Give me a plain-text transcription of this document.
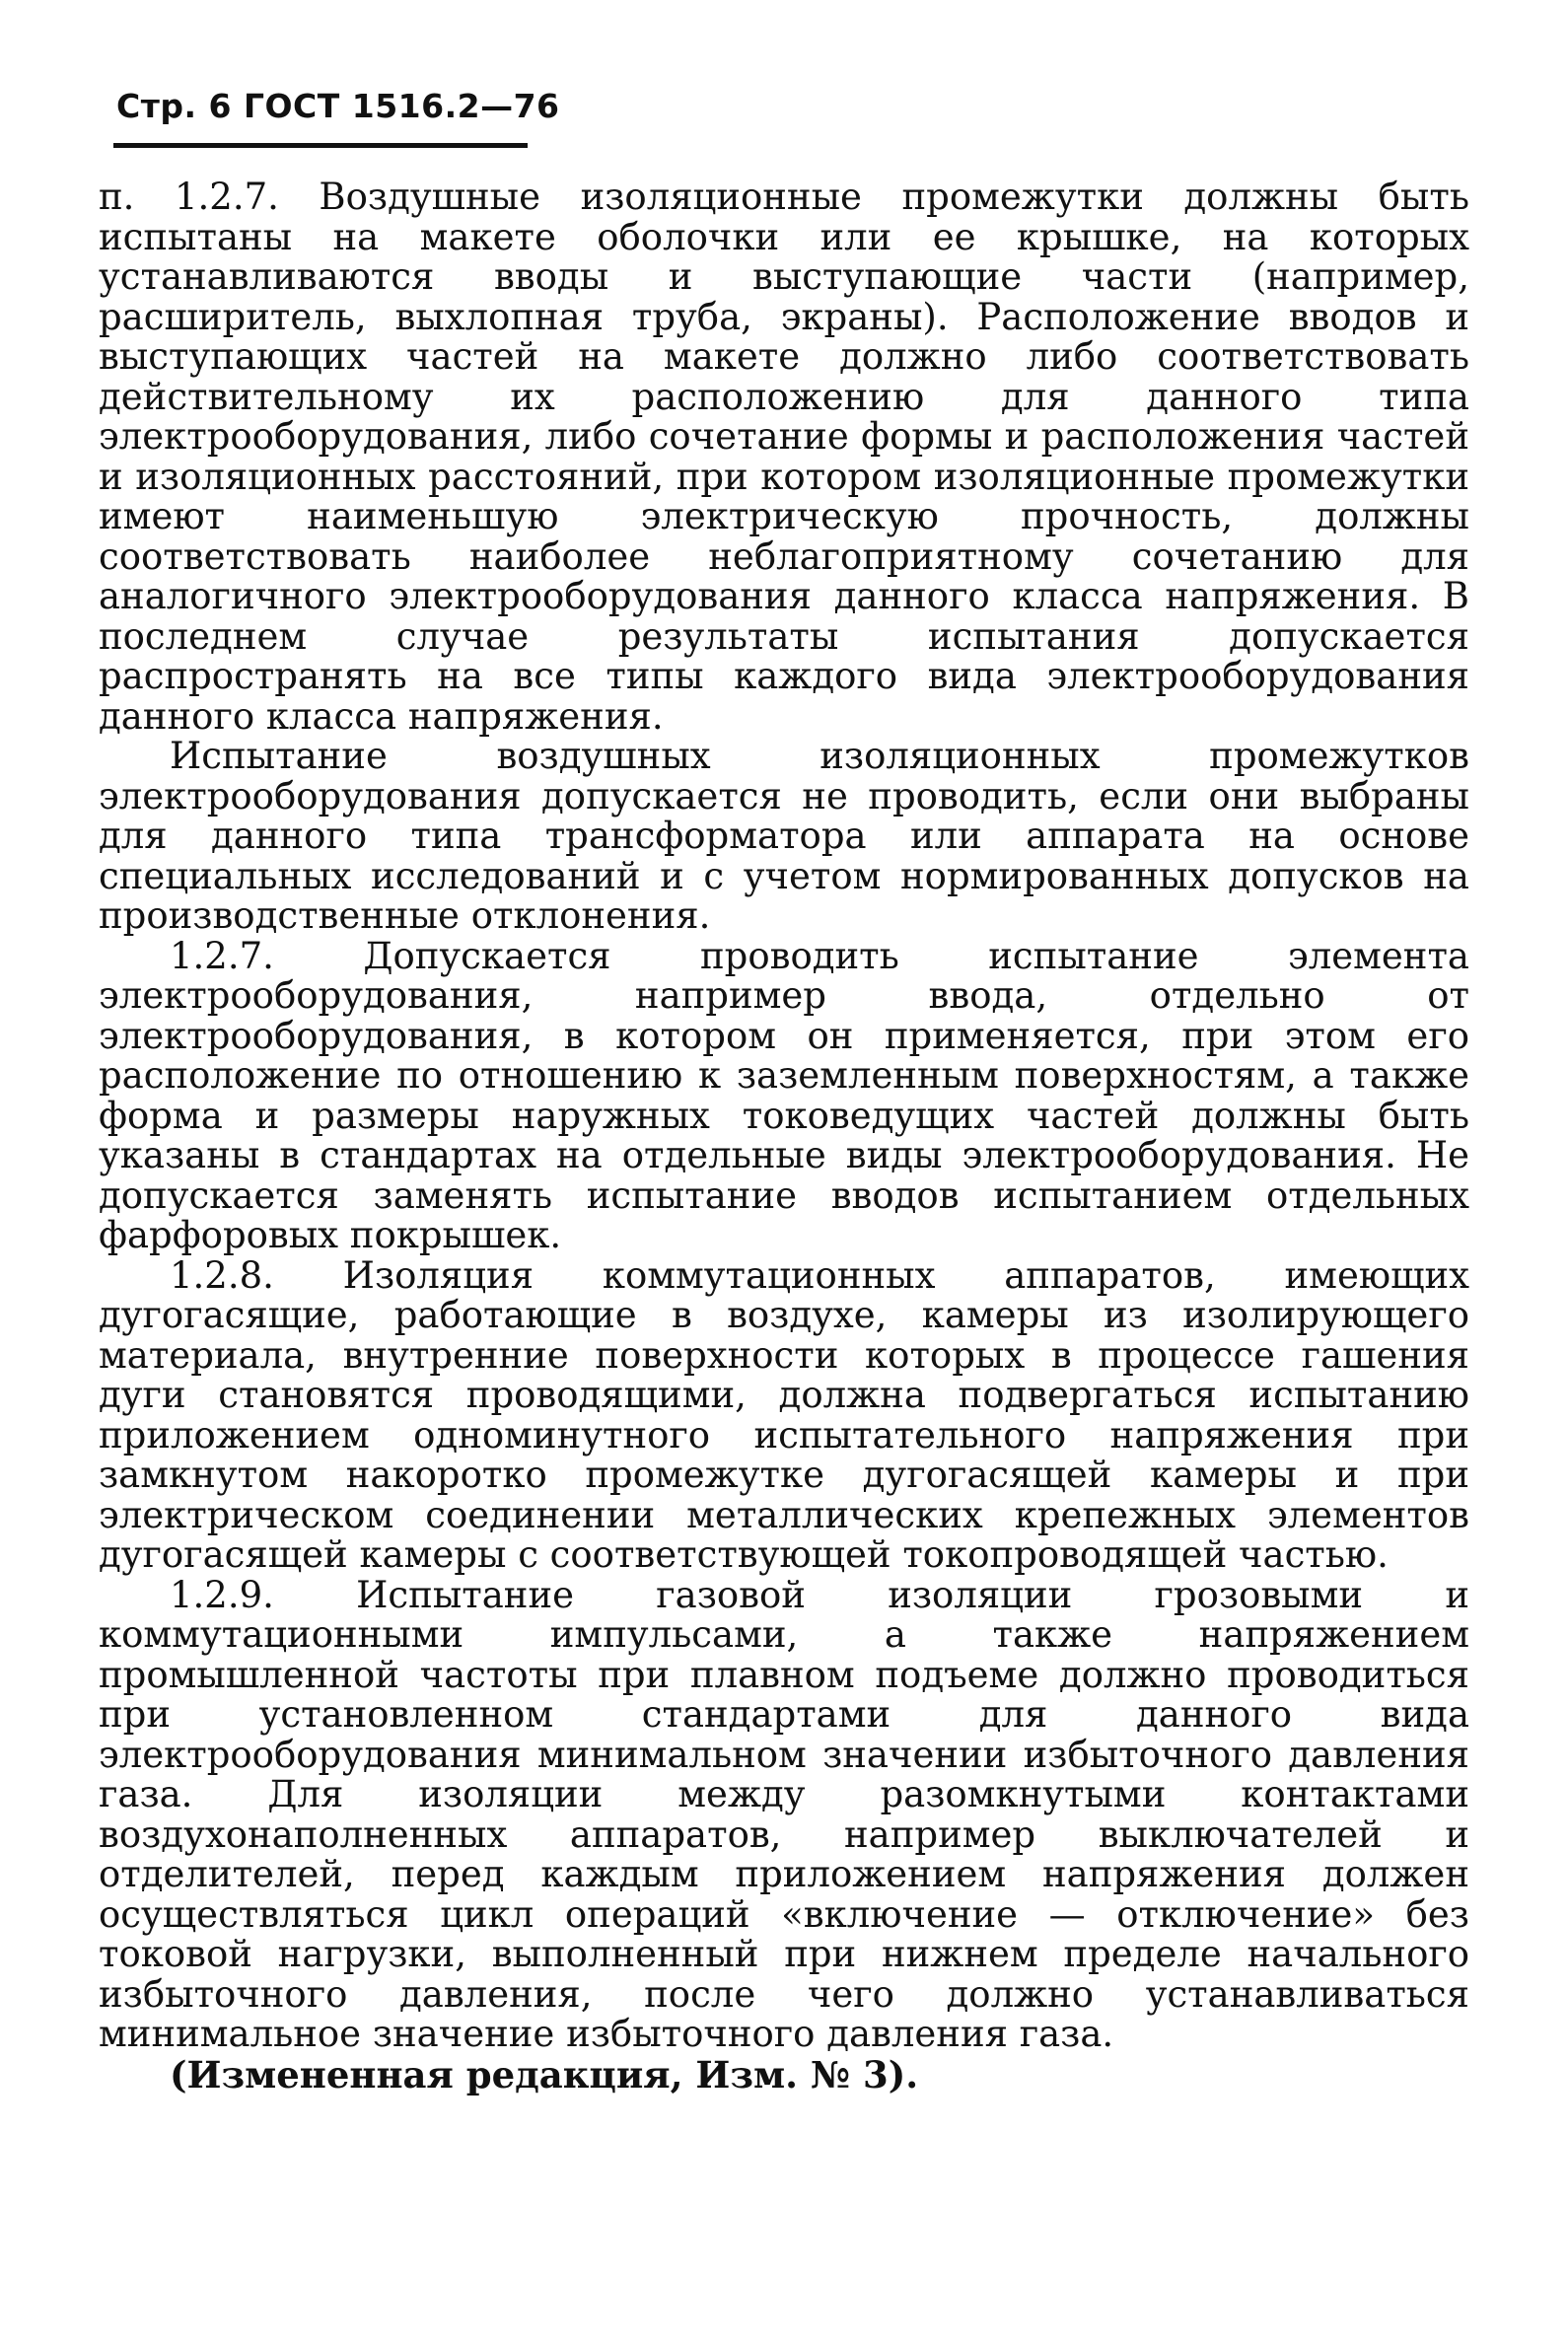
Стр. 6 ГОСТ 1516.2—76

п. 1.2.7. Воздушные изоляционные промежутки должны быть испытаны на макете оболочки или ее крышке, на которых устанавливаются вводы и выступающие части (например, расширитель, выхлопная труба, экраны). Расположение вводов и выступающих частей на макете должно либо соответствовать действительному их расположению для данного типа электрооборудования, либо сочетание формы и расположения частей и изоляционных расстояний, при котором изоляционные промежутки имеют наименьшую электрическую прочность, должны соответствовать наиболее неблагоприятному сочетанию для аналогичного электрооборудования данного класса напряжения. В последнем случае результаты испытания допускается распространять на все типы каждого вида электрооборудования данного класса напряжения.

Испытание воздушных изоляционных промежутков электрооборудования допускается не проводить, если они выбраны для данного типа трансформатора или аппарата на основе специальных исследований и с учетом нормированных допусков на производственные отклонения.

1.2.7. Допускается проводить испытание элемента электрооборудования, например ввода, отдельно от электрооборудования, в котором он применяется, при этом его расположение по отношению к заземленным поверхностям, а также форма и размеры наружных токоведущих частей должны быть указаны в стандартах на отдельные виды электрооборудования. Не допускается заменять испытание вводов испытанием отдельных фарфоровых покрышек.

1.2.8. Изоляция коммутационных аппаратов, имеющих дугогасящие, работающие в воздухе, камеры из изолирующего материала, внутренние поверхности которых в процессе гашения дуги становятся проводящими, должна подвергаться испытанию приложением одноминутного испытательного напряжения при замкнутом накоротко промежутке дугогасящей камеры и при электрическом соединении металлических крепежных элементов дугогасящей камеры с соответствующей токопроводящей частью.

1.2.9. Испытание газовой изоляции грозовыми и коммутационными импульсами, а также напряжением промышленной частоты при плавном подъеме должно проводиться при установленном стандартами для данного вида электрооборудования минимальном значении избыточного давления газа. Для изоляции между разомкнутыми контактами воздухонаполненных аппаратов, например выключателей и отделителей, перед каждым приложением напряжения должен осуществляться цикл операций «включение — отключение» без токовой нагрузки, выполненный при нижнем пределе начального избыточного давления, после чего должно устанавливаться минимальное значение избыточного давления газа.

(Измененная редакция, Изм. № 3).
